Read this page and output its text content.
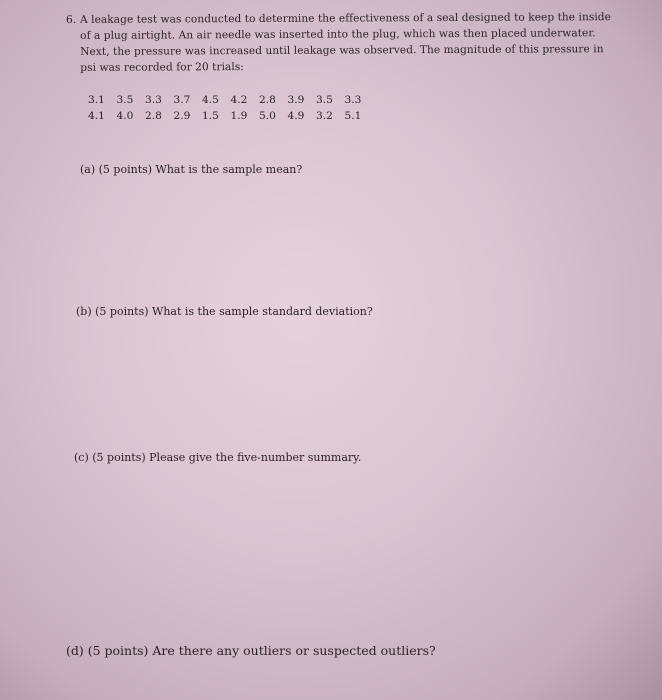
6. A leakage test was conducted to determine the effectiveness of a seal designed to keep the inside
of a plug airtight. An air needle was inserted into the plug, which was then placed underwater.
Next, the pressure was increased until leakage was observed. The magnitude of this pressure in
psi was recorded for 20 trials:
3.1 3.5 3.3 3.7 4.5 4.2 2.8 3.9 3.5 3.3
4.1 4.0 2.8 2.9 1.5 1.9 5.0 4.9 3.2 5.1
(a) (5 points) What is the sample mean?
(b) (5 points) What is the sample standard deviation?
(c) (5 points) Please give the five-number summary.
(d) (5 points) Are there any outliers or suspected outliers?
